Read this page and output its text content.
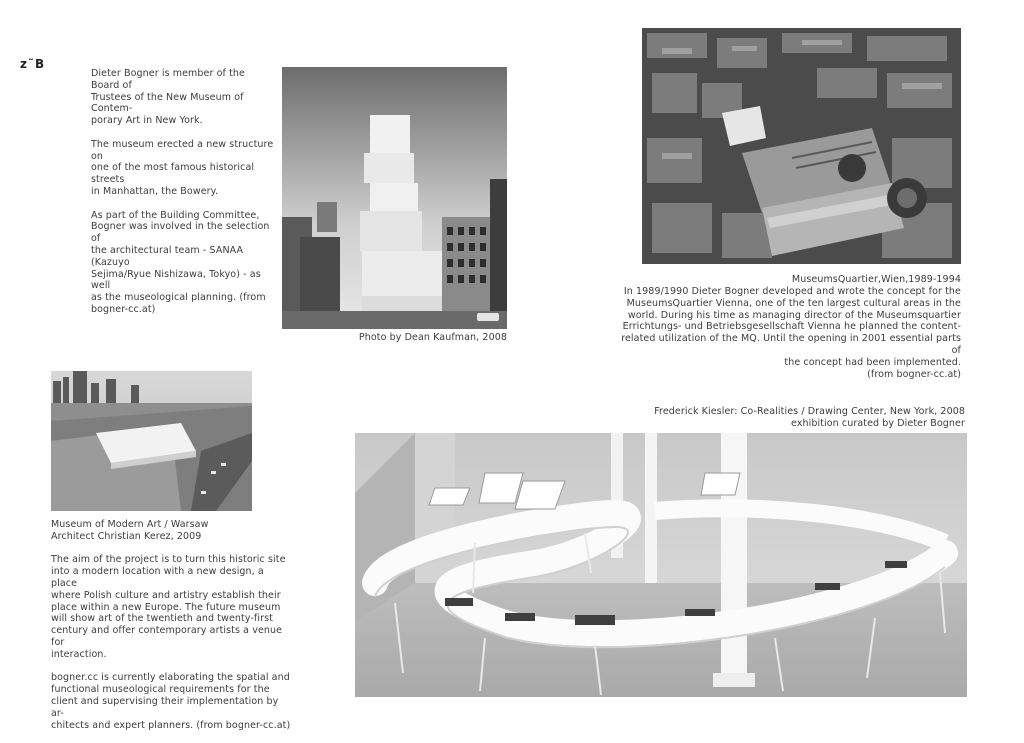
z˜B

Dieter Bogner is member of the Board of
Trustees of the New Museum of Contem-
porary Art in New York.

The museum erected a new structure on
one of the most famous historical streets
in Manhattan, the Bowery.

As part of the Building Committee,
Bogner was involved in the selection of
the architectural team - SANAA (Kazuyo
Sejima/Ryue Nishizawa, Tokyo) - as well
as the museological planning. (from
bogner-cc.at)

Photo by Dean Kaufman, 2008
MuseumsQuartier,Wien,1989-1994
In 1989/1990 Dieter Bogner developed and wrote the concept for the
MuseumsQuartier Vienna, one of the ten largest cultural areas in the
world. During his time as managing director of the Museumsquartier
Errichtungs- und Betriebsgesellschaft Vienna he planned the content-
related utilization of the MQ. Until the opening in 2001 essential parts of
the concept had been implemented.
(from bogner-cc.at)

Museum of Modern Art / Warsaw
Architect Christian Kerez, 2009

The aim of the project is to turn this historic site
into a modern location with a new design, a place
where Polish culture and artistry establish their
place within a new Europe. The future museum
will show art of the twentieth and twenty-first
century and offer contemporary artists a venue for
interaction.

bogner.cc is currently elaborating the spatial and
functional museological requirements for the
client and supervising their implementation by ar-
chitects and expert planners. (from bogner-cc.at)

Frederick Kiesler: Co-Realities / Drawing Center, New York, 2008
exhibition curated by Dieter Bogner
